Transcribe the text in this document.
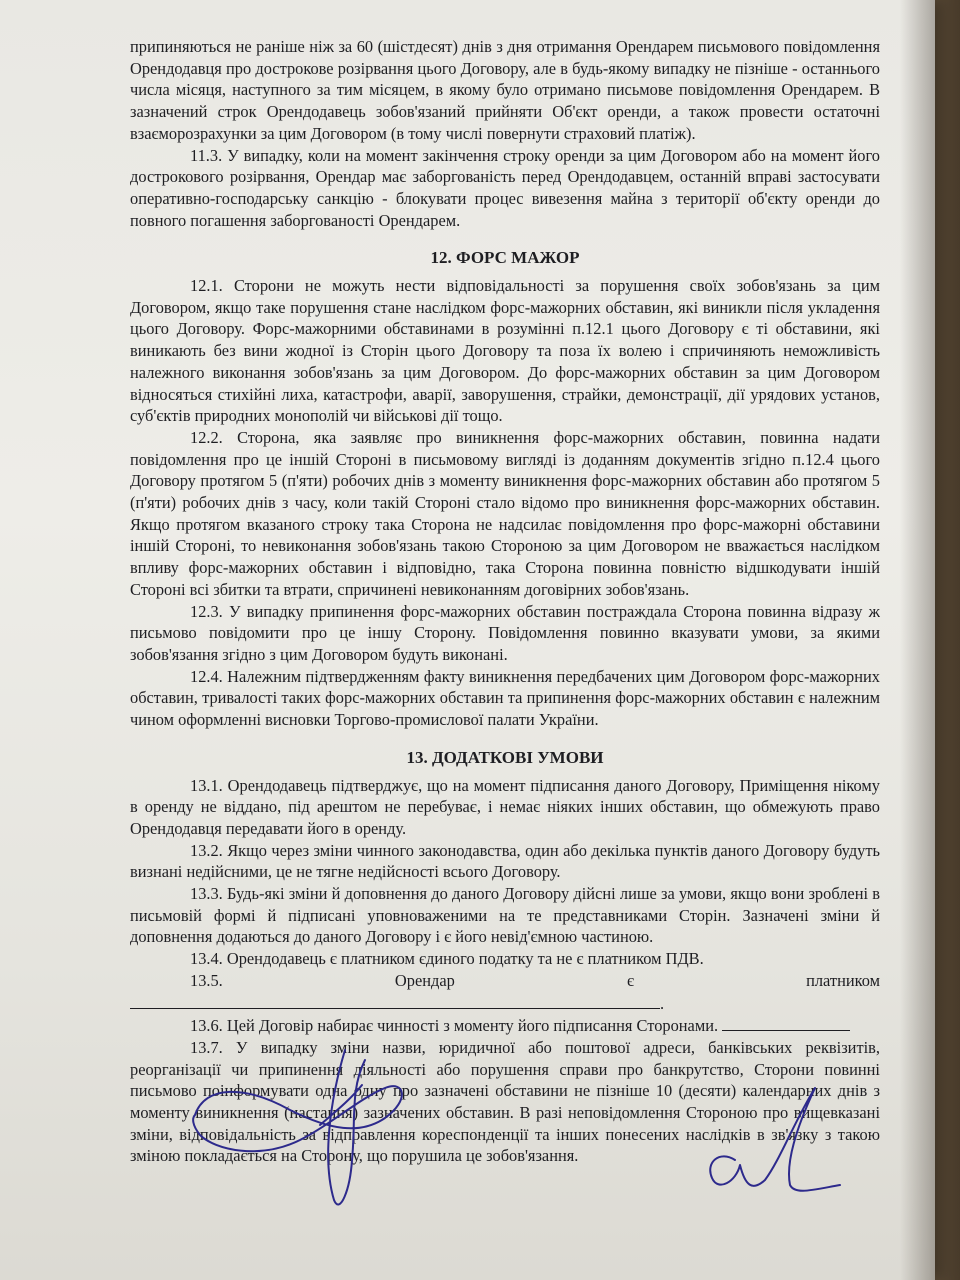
припиняються не раніше ніж за 60 (шістдесят) днів з дня отримання Орендарем письмового повідомлення Орендодавця про дострокове розірвання цього Договору, але в будь-якому випадку не пізніше - останнього числа місяця, наступного за тим місяцем, в якому було отримано письмове повідомлення Орендарем. В зазначений строк Орендодавець зобов'язаний прийняти Об'єкт оренди, а також провести остаточні взаєморозрахунки за цим Договором (в тому числі повернути страховий платіж).

11.3. У випадку, коли на момент закінчення строку оренди за цим Договором або на момент його дострокового розірвання, Орендар має заборгованість перед Орендодавцем, останній вправі застосувати оперативно-господарську санкцію - блокувати процес вивезення майна з території об'єкту оренди до повного погашення заборгованості Орендарем.

12. ФОРС МАЖОР

12.1. Сторони не можуть нести відповідальності за порушення своїх зобов'язань за цим Договором, якщо таке порушення стане наслідком форс-мажорних обставин, які виникли після укладення цього Договору. Форс-мажорними обставинами в розумінні п.12.1 цього Договору є ті обставини, які виникають без вини жодної із Сторін цього Договору та поза їх волею і спричиняють неможливість належного виконання зобов'язань за цим Договором. До форс-мажорних обставин за цим Договором відносяться стихійні лиха, катастрофи, аварії, заворушення, страйки, демонстрації, дії урядових установ, суб'єктів природних монополій чи військові дії тощо.

12.2. Сторона, яка заявляє про виникнення форс-мажорних обставин, повинна надати повідомлення про це іншій Стороні в письмовому вигляді із доданням документів згідно п.12.4 цього Договору протягом 5 (п'яти) робочих днів з моменту виникнення форс-мажорних обставин або протягом 5 (п'яти) робочих днів з часу, коли такій Стороні стало відомо про виникнення форс-мажорних обставин. Якщо протягом вказаного строку така Сторона не надсилає повідомлення про форс-мажорні обставини іншій Стороні, то невиконання зобов'язань такою Стороною за цим Договором не вважається наслідком впливу форс-мажорних обставин і відповідно, така Сторона повинна повністю відшкодувати іншій Стороні всі збитки та втрати, спричинені невиконанням договірних зобов'язань.

12.3. У випадку припинення форс-мажорних обставин постраждала Сторона повинна відразу ж письмово повідомити про це іншу Сторону. Повідомлення повинно вказувати умови, за якими зобов'язання згідно з цим Договором будуть виконані.

12.4. Належним підтвердженням факту виникнення передбачених цим Договором форс-мажорних обставин, тривалості таких форс-мажорних обставин та припинення форс-мажорних обставин є належним чином оформленні висновки Торгово-промислової палати України.

13. ДОДАТКОВІ УМОВИ

13.1. Орендодавець підтверджує, що на момент підписання даного Договору, Приміщення нікому в оренду не віддано, під арештом не перебуває, і немає ніяких інших обставин, що обмежують право Орендодавця передавати його в оренду.

13.2. Якщо через зміни чинного законодавства, один або декілька пунктів даного Договору будуть визнані недійсними, це не тягне недійсності всього Договору.

13.3. Будь-які зміни й доповнення до даного Договору дійсні лише за умови, якщо вони зроблені в письмовій формі й підписані уповноваженими на те представниками Сторін. Зазначені зміни й доповнення додаються до даного Договору і є його невід'ємною частиною.

13.4. Орендодавець є платником єдиного податку та не є платником ПДВ.

13.5. Орендар є платником .

13.6. Цей Договір набирає чинності з моменту його підписання Сторонами.

13.7. У випадку зміни назви, юридичної або поштової адреси, банківських реквізитів, реорганізації чи припинення діяльності або порушення справи про банкрутство, Сторони повинні письмово поінформувати одна одну про зазначені обставини не пізніше 10 (десяти) календарних днів з моменту виникнення (настання) зазначених обставин. В разі неповідомлення Стороною про вищевказані зміни, відповідальність за відправлення кореспонденції та інших понесених наслідків в зв'язку з такою зміною покладається на Сторону, що порушила це зобов'язання.
